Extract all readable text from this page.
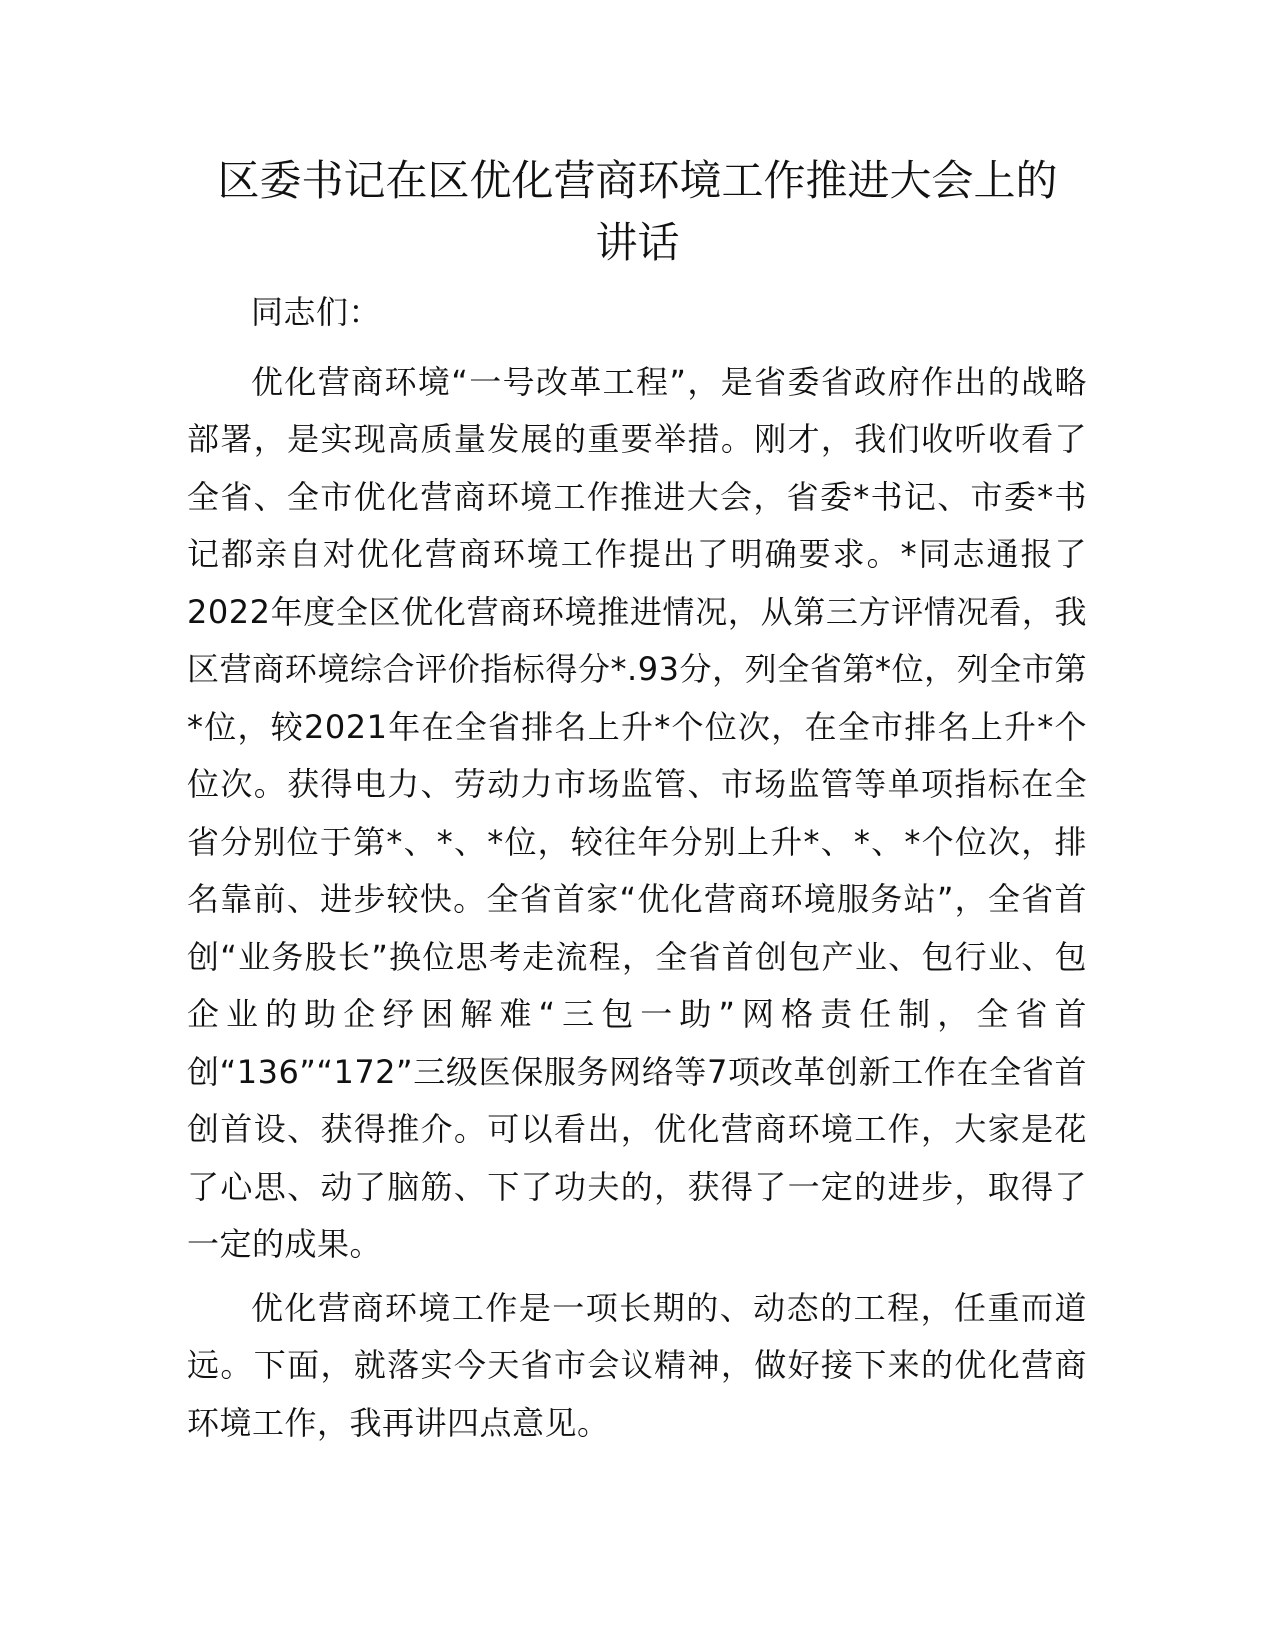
区委书记在区优化营商环境工作推进大会上的
讲话

同志们：

优化营商环境“一号改革工程”，是省委省政府作出的战略部署，是实现高质量发展的重要举措。刚才，我们收听收看了全省、全市优化营商环境工作推进大会，省委*书记、市委*书记都亲自对优化营商环境工作提出了明确要求。*同志通报了2022年度全区优化营商环境推进情况，从第三方评情况看，我区营商环境综合评价指标得分*.93分，列全省第*位，列全市第*位，较2021年在全省排名上升*个位次，在全市排名上升*个位次。获得电力、劳动力市场监管、市场监管等单项指标在全省分别位于第*、*、*位，较往年分别上升*、*、*个位次，排名靠前、进步较快。全省首家“优化营商环境服务站”，全省首创“业务股长”换位思考走流程，全省首创包产业、包行业、包企业的助企纾困解难“三包一助”网格责任制，全省首创“136”“172”三级医保服务网络等7项改革创新工作在全省首创首设、获得推介。可以看出，优化营商环境工作，大家是花了心思、动了脑筋、下了功夫的，获得了一定的进步，取得了一定的成果。

优化营商环境工作是一项长期的、动态的工程，任重而道远。下面，就落实今天省市会议精神，做好接下来的优化营商环境工作，我再讲四点意见。
